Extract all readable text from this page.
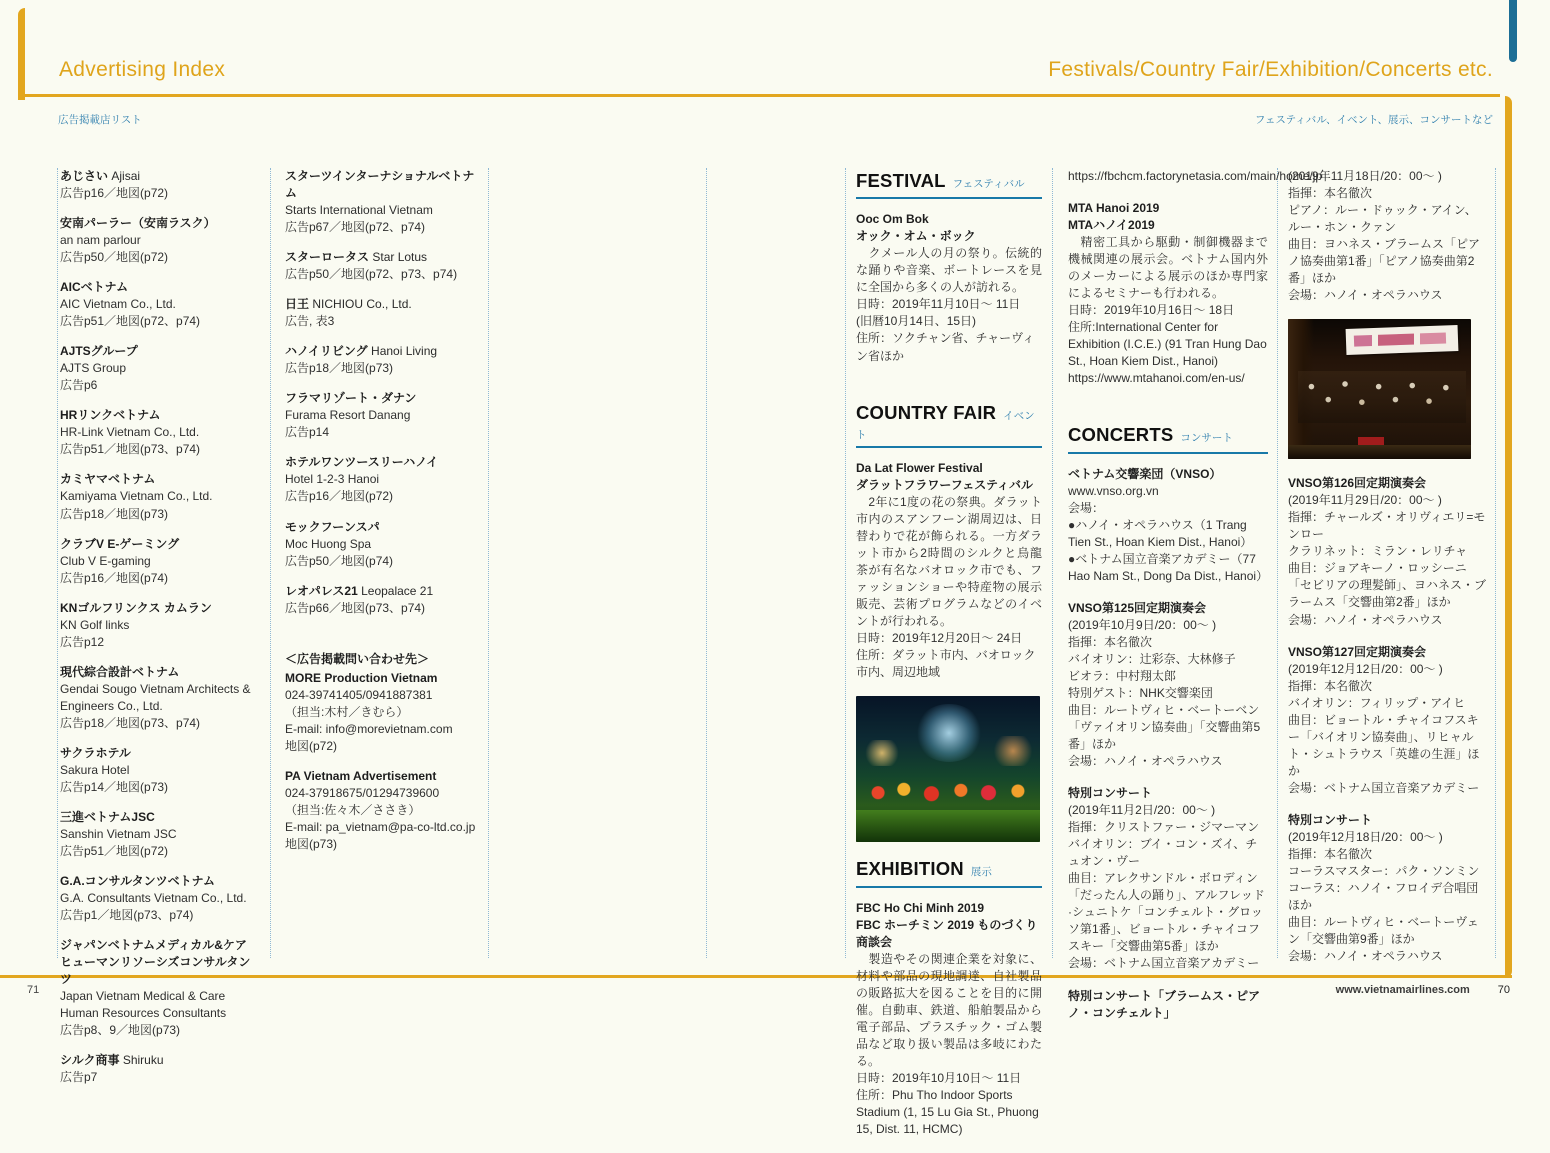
Advertising Index	Festivals/Country Fair/Exhibition/Concerts etc.
広告掲載店リスト	フェスティバル、イベント、展示、コンサートなど
71	www.vietnamairlines.com	70
あじさい Ajisai
広告p16／地図(p72)
安南パーラー（安南ラスク）
an nam parlour
広告p50／地図(p72)
AICベトナム
AIC Vietnam Co., Ltd.
広告p51／地図(p72、p74)
AJTSグループ
AJTS Group
広告p6
HRリンクベトナム
HR-Link Vietnam Co., Ltd.
広告p51／地図(p73、p74)
カミヤマベトナム
Kamiyama Vietnam Co., Ltd.
広告p18／地図(p73)
クラブV E-ゲーミング
Club V E-gaming
広告p16／地図(p74)
KNゴルフリンクス カムラン
KN Golf links
広告p12
現代綜合設計ベトナム
Gendai Sougo Vietnam Architects & Engineers Co., Ltd.
広告p18／地図(p73、p74)
サクラホテル
Sakura Hotel
広告p14／地図(p73)
三進ベトナムJSC
Sanshin Vietnam JSC
広告p51／地図(p72)
G.A.コンサルタンツベトナム
G.A. Consultants Vietnam Co., Ltd.
広告p1／地図(p73、p74)
ジャパンベトナムメディカル&ケア
ヒューマンリソーシズコンサルタンツ
Japan Vietnam Medical & Care Human Resources Consultants
広告p8、9／地図(p73)
シルク商事 Shiruku
広告p7
スターツインターナショナルベトナム
Starts International Vietnam
広告p67／地図(p72、p74)
スターロータス Star Lotus
広告p50／地図(p72、p73、p74)
日王 NICHIOU Co., Ltd.
広告, 表3
ハノイリビング Hanoi Living
広告p18／地図(p73)
フラマリゾート・ダナン
Furama Resort Danang
広告p14
ホテルワンツースリーハノイ
Hotel 1-2-3 Hanoi
広告p16／地図(p72)
モックフーンスパ
Moc Huong Spa
広告p50／地図(p74)
レオパレス21 Leopalace 21
広告p66／地図(p73、p74)
＜広告掲載問い合わせ先＞
MORE Production Vietnam
024-39741405/0941887381
（担当:木村／きむら）
E-mail: info@morevietnam.com
地図(p72)
PA Vietnam Advertisement
024-37918675/01294739600
（担当:佐々木／ささき）
E-mail: pa_vietnam@pa-co-ltd.co.jp
地図(p73)
FESTIVAL フェスティバル
Ooc Om Bok
オック・オム・ボック
　クメール人の月の祭り。伝統的な踊りや音楽、ボートレースを見に全国から多くの人が訪れる。
日時：2019年11月10日〜 11日
(旧暦10月14日、15日)
住所：ソクチャン省、チャーヴィン省ほか
COUNTRY FAIR イベント
Da Lat Flower Festival
ダラットフラワーフェスティバル
　2年に1度の花の祭典。ダラット市内のスアンフーン湖周辺は、日替わりで花が飾られる。一方ダラット市から2時間のシルクと烏龍茶が有名なバオロック市でも、ファッションショーや特産物の展示販売、芸術プログラムなどのイベントが行われる。
日時：2019年12月20日〜 24日
住所：ダラット市内、バオロック市内、周辺地域
EXHIBITION 展示
FBC Ho Chi Minh 2019
FBC ホーチミン 2019 ものづくり商談会
　製造やその関連企業を対象に、材料や部品の現地調達、自社製品の販路拡大を図ることを目的に開催。自動車、鉄道、船舶製品から電子部品、プラスチック・ゴム製品など取り扱い製品は多岐にわたる。
日時：2019年10月10日〜 11日
住所：Phu Tho Indoor Sports Stadium (1, 15 Lu Gia St., Phuong 15, Dist. 11, HCMC)
https://fbchcm.factorynetasia.com/main/home/jp
MTA Hanoi 2019
MTAハノイ2019
　精密工具から駆動・制御機器まで機械関連の展示会。ベトナム国内外のメーカーによる展示のほか専門家によるセミナーも行われる。
日時：2019年10月16日〜 18日
住所:International Center for Exhibition (I.C.E.) (91 Tran Hung Dao St., Hoan Kiem Dist., Hanoi)
https://www.mtahanoi.com/en-us/
CONCERTS コンサート
ベトナム交響楽団（VNSO）
www.vnso.org.vn
会場：
●ハノイ・オペラハウス（1 Trang Tien St., Hoan Kiem Dist., Hanoi）
●ベトナム国立音楽アカデミー（77 Hao Nam St., Dong Da Dist., Hanoi）
VNSO第125回定期演奏会
(2019年10月9日/20：00〜 )
指揮：本名徹次
バイオリン：辻彩奈、大林修子
ビオラ：中村翔太郎
特別ゲスト：NHK交響楽団
曲目：ルートヴィヒ・ベートーベン「ヴァイオリン協奏曲」「交響曲第5番」ほか
会場：ハノイ・オペラハウス
特別コンサート
(2019年11月2日/20：00〜 )
指揮：クリストファー・ジマーマン
バイオリン：ブイ・コン・ズイ、チュオン・ヴー
曲目：アレクサンドル・ボロディン「だったん人の踊り」、アルフレッド·シュニトケ「コンチェルト・グロッソ第1番」、ビョートル・チャイコフスキー「交響曲第5番」ほか
会場：ベトナム国立音楽アカデミー
特別コンサート「ブラームス・ピアノ・コンチェルト」
(2019年11月18日/20：00〜 )
指揮：本名徹次
ピアノ：ルー・ドゥック・アイン、ルー・ホン・クァン
曲目：ヨハネス・ブラームス「ピアノ協奏曲第1番」「ピアノ協奏曲第2番」ほか
会場：ハノイ・オペラハウス
VNSO第126回定期演奏会
(2019年11月29日/20：00〜 )
指揮：チャールズ・オリヴィエリ=モンロー
クラリネット：ミラン・レリチャ
曲目：ジョアキーノ・ロッシーニ「セビリアの理髪師」、ヨハネス・ブラームス「交響曲第2番」ほか
会場：ハノイ・オペラハウス
VNSO第127回定期演奏会
(2019年12月12日/20：00〜 )
指揮：本名徹次
バイオリン：フィリップ・アイヒ
曲目：ビョートル・チャイコフスキー「バイオリン協奏曲」、リヒャルト・シュトラウス「英雄の生涯」ほか
会場：ベトナム国立音楽アカデミー
特別コンサート
(2019年12月18日/20：00〜 )
指揮：本名徹次
コーラスマスター：パク・ソンミン
コーラス：ハノイ・フロイデ合唱団ほか
曲目：ルートヴィヒ・ベートーヴェン「交響曲第9番」ほか
会場：ハノイ・オペラハウス
